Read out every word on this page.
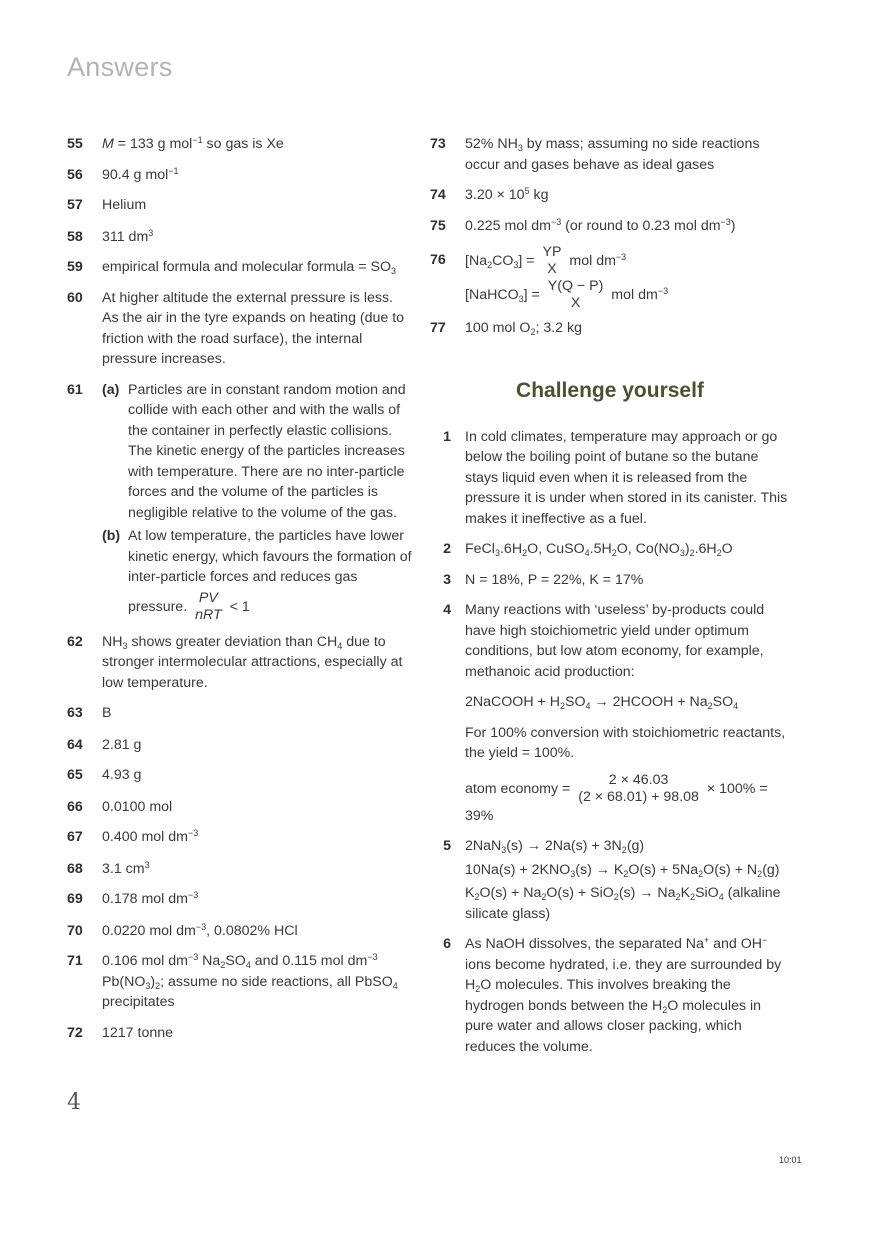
Answers
55	M = 133 g mol$^{-1}$ so gas is Xe
56	90.4 g mol$^{-1}$
57	Helium
58	311 $dm^3$
59	empirical formula and molecular formula = $SO_3$
60	At higher altitude the external pressure is less. As the air in the tyre expands on heating (due to friction with the road surface), the internal pressure increases.
61	(a) Particles are in constant random motion and collide with each other and with the walls of the container in perfectly elastic collisions. The kinetic energy of the particles increases with temperature. There are no inter-particle forces and the volume of the particles is negligible relative to the volume of the gas.
(b) At low temperature, the particles have lower kinetic energy, which favours the formation of inter-particle forces and reduces gas
pressure.
PV
nRT
< 1
62	$NH_3$ shows greater deviation than $CH_4$ due to stronger intermolecular attractions, especially at low temperature.
63	B
64	2.81 g
65	4.93 g
66	0.0100 mol
67	0.400 mol $dm^{-3}$
68	3.1 $cm^3$
69	0.178 mol $dm^{-3}$
70	0.0220 mol $dm^{-3}$, 0.0802% HCl
71	0.106 mol $dm^{-3}$ $Na_2SO_4$ and 0.115 mol $dm^{-3}$ $Pb(NO_3)_2$; assume no side reactions, all PbSO$_4$ precipitates
72	1217 tonne
73	52% $NH_3$ by mass; assuming no side reactions occur and gases behave as ideal gases
74	$3.20 \times 10^5$ kg
75	0.225 mol $dm^{-3}$ (or round to 0.23 mol $dm^{-3}$)
76	$[Na_2CO_3]$ =
YP
X
mol $dm^{-3}$
[NaHCO$_3$] =
Y(Q − P)
X
mol $dm^{-3}$
77	100 mol $O_2$; 3.2 kg
Challenge yourself
1 In cold climates, temperature may approach or go below the boiling point of butane so the butane stays liquid even when it is released from the pressure it is under when stored in its canister. This makes it ineffective as a fuel.
2 $FeCl_3.6H_2O$, $CuSO_4.5H_2O$, $Co(NO_3)_2.6H_2O$
3 N = 18%, P = 22%, K = 17%
4 Many reactions with ‘useless’ by-products could have high stoichiometric yield under optimum conditions, but low atom economy, for example, methanoic acid production:

2NaCOOH + $H_2SO_4$ → 2HCOOH + $Na_2SO_4$

For 100% conversion with stoichiometric reactants, the yield = 100%.

atom economy =
2 × 46.03
(2 × 68.01) + 98.08
× 100% =
39%
5 $2NaN_3(s) \to 2Na(s) + 3N_2(g)$

$10Na(s) + 2KNO_3(s) \to K_2O(s) + 5Na_2O(s) + N_2(g)$

$K_2O(s) + Na_2O(s) + SiO_2(s) \to Na_2K_2SiO_4$ (alkaline silicate glass)

6 As NaOH dissolves, the separated Na+ and OH− ions become hydrated, i.e. they are surrounded by $H_2O$ molecules. This involves breaking the hydrogen bonds between the $H_2O$ molecules in pure water and allows closer packing, which reduces the volume.
4
10:01
